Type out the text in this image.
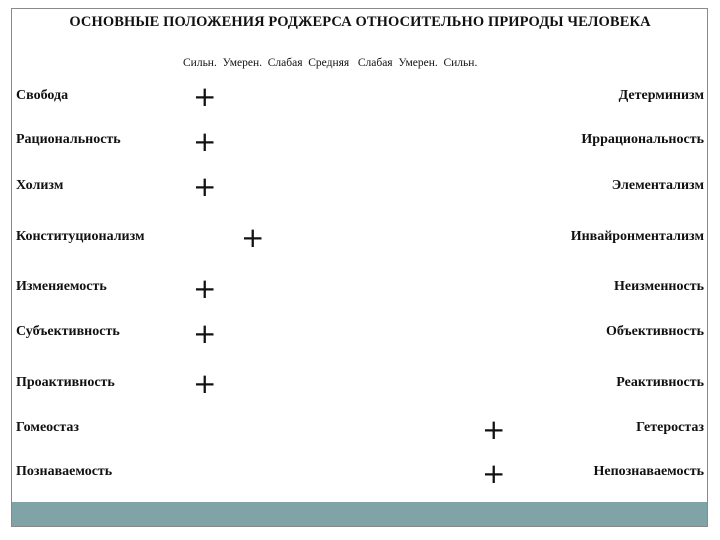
ОСНОВНЫЕ ПОЛОЖЕНИЯ РОДЖЕРСА ОТНОСИТЕЛЬНО ПРИРОДЫ ЧЕЛОВЕКА
Сильн.  Умерен.  Слабая  Средняя   Слабая  Умерен.  Сильн.
Свобода	+	Детерминизм
Рациональность	+	Иррациональность
Холизм	+	Элементализм
Конституционализм	+	Инвайронментализм
Изменяемость	+	Неизменность
Субъективность	+	Объективность
Проактивность	+	Реактивность
Гомеостаз	+	Гетеростаз
Познаваемость	+	Непознаваемость
